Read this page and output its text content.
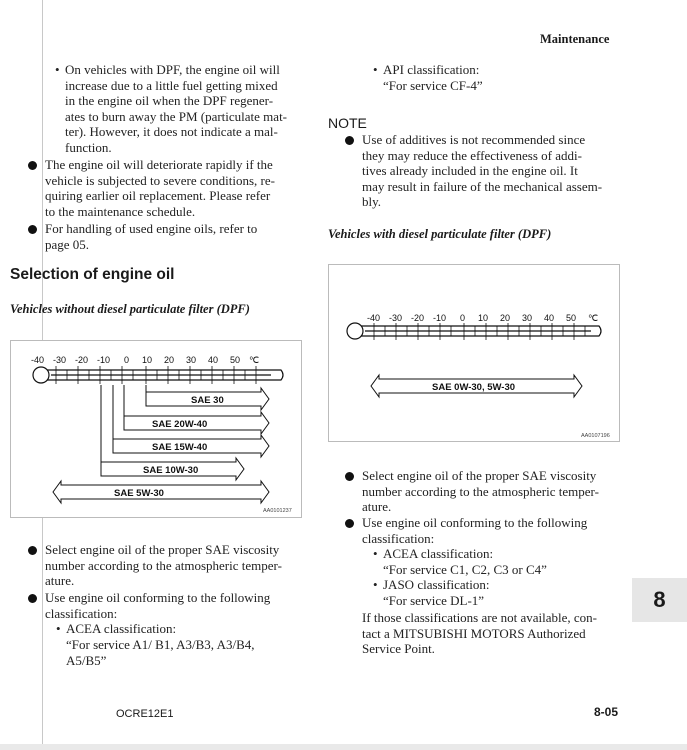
Maintenance
• On vehicles with DPF, the engine oil will
increase due to a little fuel getting mixed
in the engine oil when the DPF regener-
ates to burn away the PM (particulate mat-
ter). However, it does not indicate a mal-
function.
The engine oil will deteriorate rapidly if the
vehicle is subjected to severe conditions, re-
quiring earlier oil replacement. Please refer
to the maintenance schedule.
For handling of used engine oils, refer to
page 05.
Selection of engine oil
Vehicles without diesel particulate filter (DPF)
-40 -30 -20 -10 0 10 20 30 40 50 ℃
SAE 30
SAE 20W-40
SAE 15W-40
SAE 10W-30
SAE 5W-30
AA0101237
Select engine oil of the proper SAE viscosity
number according to the atmospheric temper-
ature.
Use engine oil conforming to the following
classification:
• ACEA classification:
“For service A1/ B1, A3/B3, A3/B4,
A5/B5”
• API classification:
“For service CF-4”
NOTE
Use of additives is not recommended since
they may reduce the effectiveness of addi-
tives already included in the engine oil. It
may result in failure of the mechanical assem-
bly.
Vehicles with diesel particulate filter (DPF)
-40 -30 -20 -10 0 10 20 30 40 50 ℃
SAE 0W-30, 5W-30
AA0107196
Select engine oil of the proper SAE viscosity
number according to the atmospheric temper-
ature.
Use engine oil conforming to the following
classification:
• ACEA classification:
“For service C1, C2, C3 or C4”
• JASO classification:
“For service DL-1”
If those classifications are not available, con-
tact a MITSUBISHI MOTORS Authorized
Service Point.
8
OCRE12E1	8-05
